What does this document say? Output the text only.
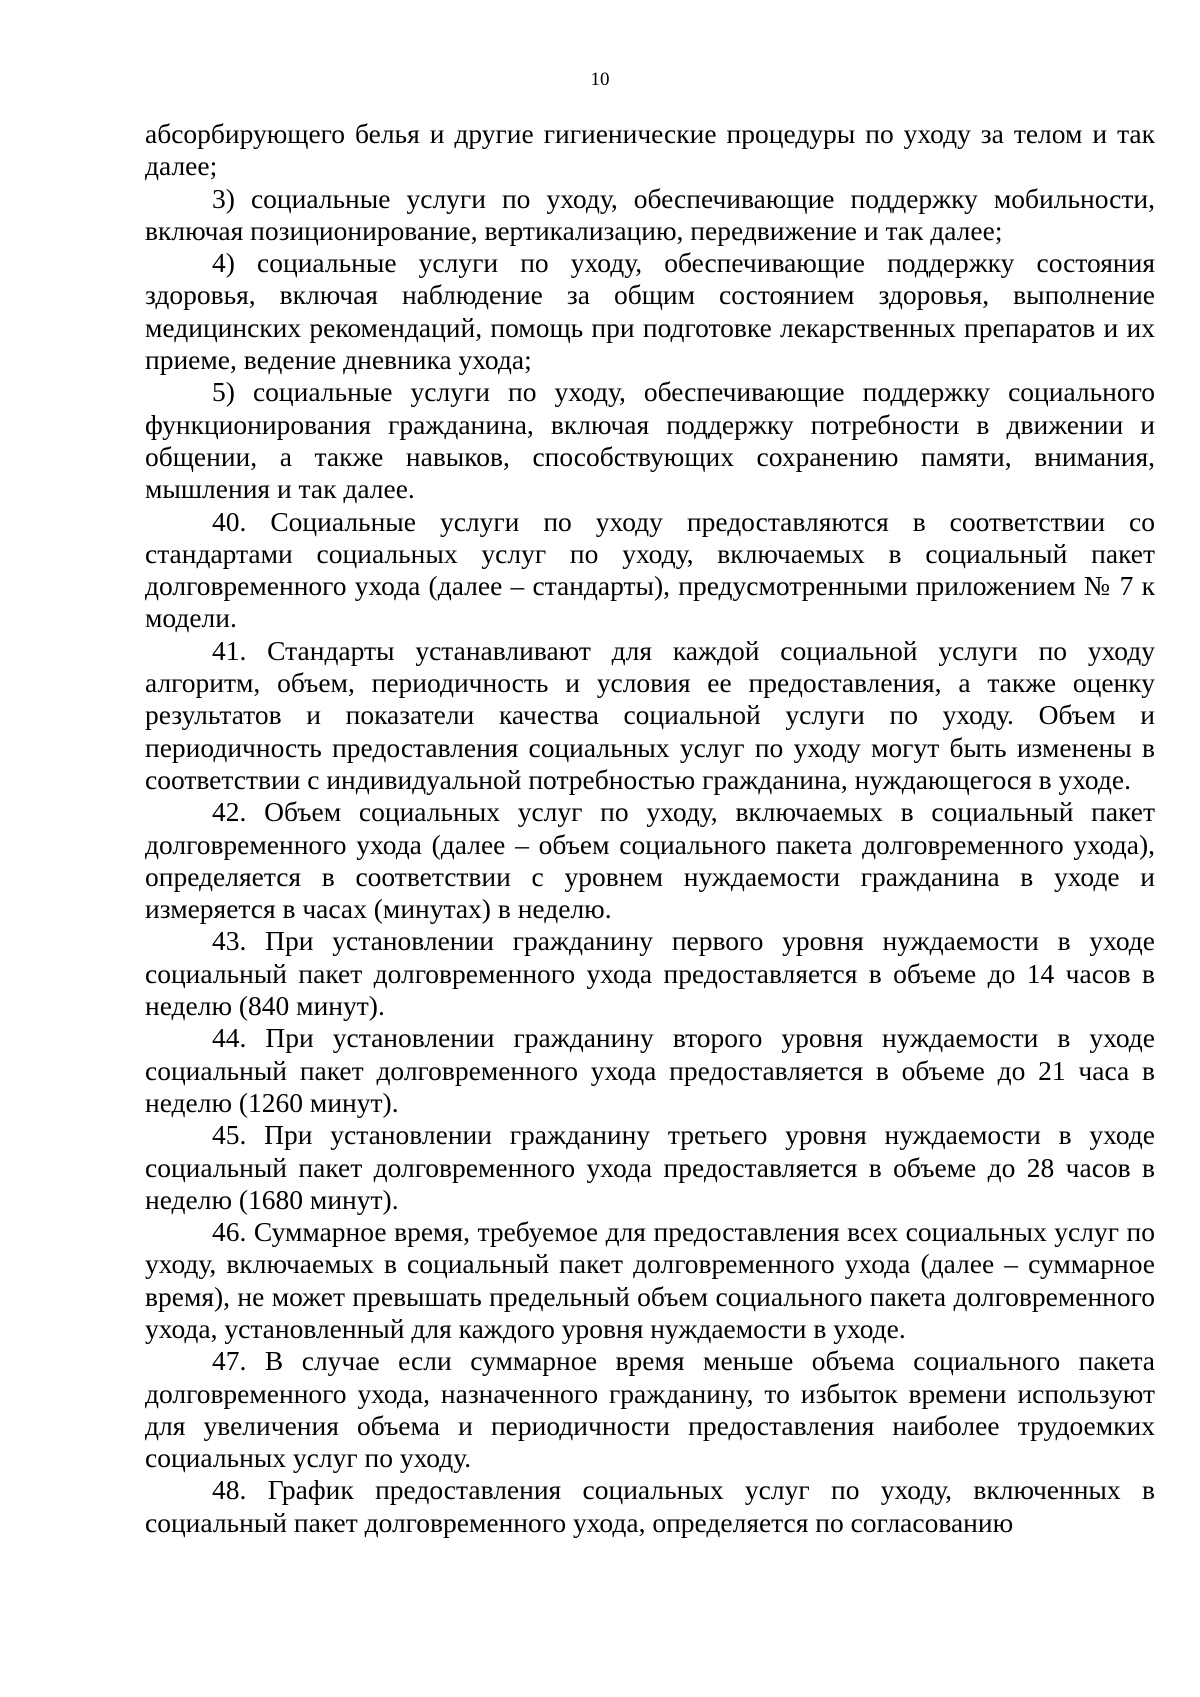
10

абсорбирующего белья и другие гигиенические процедуры по уходу за телом и так далее;

3) социальные услуги по уходу, обеспечивающие поддержку мобильности, включая позиционирование, вертикализацию, передвижение и так далее;

4) социальные услуги по уходу, обеспечивающие поддержку состояния здоровья, включая наблюдение за общим состоянием здоровья, выполнение медицинских рекомендаций, помощь при подготовке лекарственных препаратов и их приеме, ведение дневника ухода;

5) социальные услуги по уходу, обеспечивающие поддержку социального функционирования гражданина, включая поддержку потребности в движении и общении, а также навыков, способствующих сохранению памяти, внимания, мышления и так далее.

40. Социальные услуги по уходу предоставляются в соответствии со стандартами социальных услуг по уходу, включаемых в социальный пакет долговременного ухода (далее – стандарты), предусмотренными приложением № 7 к модели.

41. Стандарты устанавливают для каждой социальной услуги по уходу алгоритм, объем, периодичность и условия ее предоставления, а также оценку результатов и показатели качества социальной услуги по уходу. Объем и периодичность предоставления социальных услуг по уходу могут быть изменены в соответствии с индивидуальной потребностью гражданина, нуждающегося в уходе.

42. Объем социальных услуг по уходу, включаемых в социальный пакет долговременного ухода (далее – объем социального пакета долговременного ухода), определяется в соответствии с уровнем нуждаемости гражданина в уходе и измеряется в часах (минутах) в неделю.

43. При установлении гражданину первого уровня нуждаемости в уходе социальный пакет долговременного ухода предоставляется в объеме до 14 часов в неделю (840 минут).

44. При установлении гражданину второго уровня нуждаемости в уходе социальный пакет долговременного ухода предоставляется в объеме до 21 часа в неделю (1260 минут).

45. При установлении гражданину третьего уровня нуждаемости в уходе социальный пакет долговременного ухода предоставляется в объеме до 28 часов в неделю (1680 минут).

46. Суммарное время, требуемое для предоставления всех социальных услуг по уходу, включаемых в социальный пакет долговременного ухода (далее – суммарное время), не может превышать предельный объем социального пакета долговременного ухода, установленный для каждого уровня нуждаемости в уходе.

47. В случае если суммарное время меньше объема социального пакета долговременного ухода, назначенного гражданину, то избыток времени используют для увеличения объема и периодичности предоставления наиболее трудоемких социальных услуг по уходу.

48. График предоставления социальных услуг по уходу, включенных в социальный пакет долговременного ухода, определяется по согласованию
